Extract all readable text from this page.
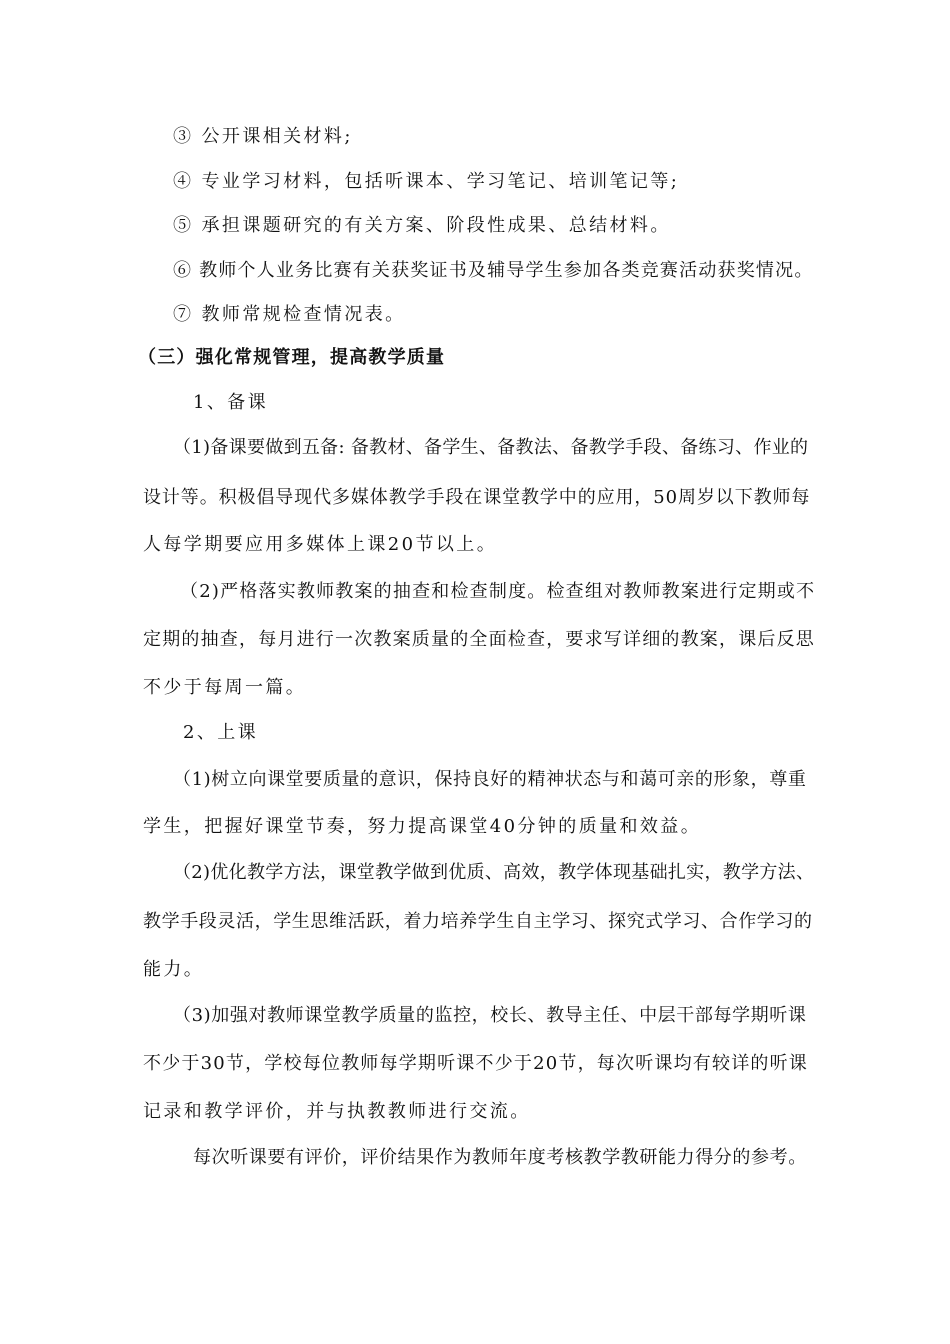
③ 公开课相关材料;
④ 专业学习材料，包括听课本、学习笔记、培训笔记等;
⑤ 承担课题研究的有关方案、阶段性成果、总结材料。
⑥ 教师个人业务比赛有关获奖证书及辅导学生参加各类竞赛活动获奖情况。
⑦ 教师常规检查情况表。
（三）强化常规管理，提高教学质量
1、备课
（1)备课要做到五备: 备教材、备学生、备教法、备教学手段、备练习、作业的
设计等。积极倡导现代多媒体教学手段在课堂教学中的应用，50周岁以下教师每
人每学期要应用多媒体上课20节以上。
（2)严格落实教师教案的抽查和检查制度。检查组对教师教案进行定期或不
定期的抽查，每月进行一次教案质量的全面检查，要求写详细的教案，课后反思
不少于每周一篇。
2、上课
（1)树立向课堂要质量的意识，保持良好的精神状态与和蔼可亲的形象，尊重
学生，把握好课堂节奏，努力提高课堂40分钟的质量和效益。
（2)优化教学方法，课堂教学做到优质、高效，教学体现基础扎实，教学方法、
教学手段灵活，学生思维活跃，着力培养学生自主学习、探究式学习、合作学习的
能力。
（3)加强对教师课堂教学质量的监控，校长、教导主任、中层干部每学期听课
不少于30节，学校每位教师每学期听课不少于20节，每次听课均有较详的听课
记录和教学评价，并与执教教师进行交流。
每次听课要有评价，评价结果作为教师年度考核教学教研能力得分的参考。
